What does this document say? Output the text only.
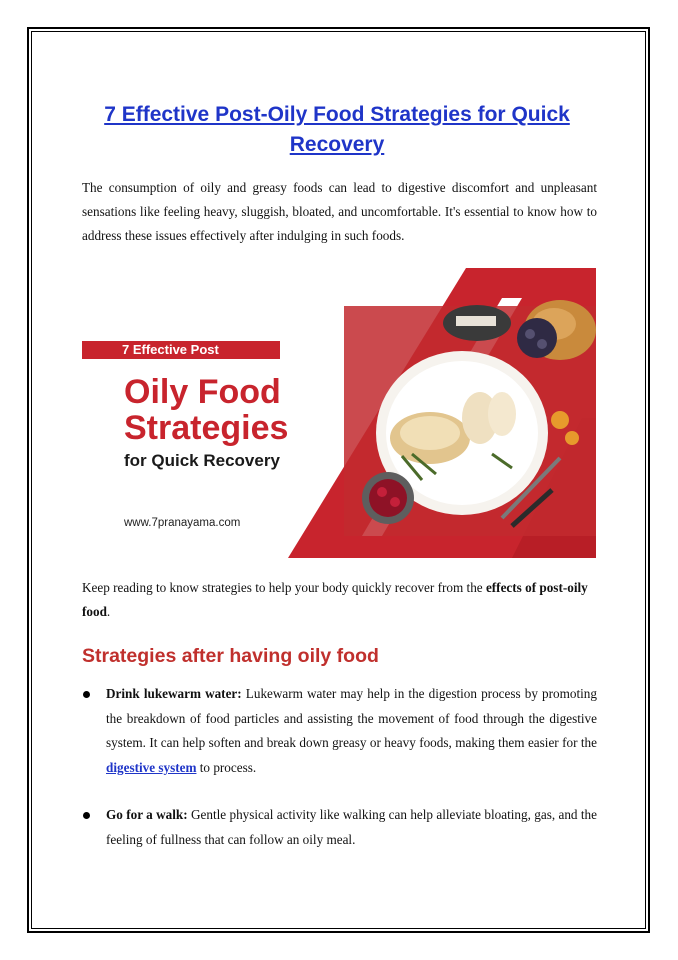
7 Effective Post-Oily Food Strategies for Quick Recovery

The consumption of oily and greasy foods can lead to digestive discomfort and unpleasant sensations like feeling heavy, sluggish, bloated, and uncomfortable. It's essential to know how to address these issues effectively after indulging in such foods.

7 Effective Post
Oily Food
Strategies
for Quick Recovery
www.7pranayama.com

Keep reading to know strategies to help your body quickly recover from the effects of post-oily food.

Strategies after having oily food
Drink lukewarm water: Lukewarm water may help in the digestion process by promoting the breakdown of food particles and assisting the movement of food through the digestive system. It can help soften and break down greasy or heavy foods, making them easier for the digestive system to process.
Go for a walk: Gentle physical activity like walking can help alleviate bloating, gas, and the feeling of fullness that can follow an oily meal.
